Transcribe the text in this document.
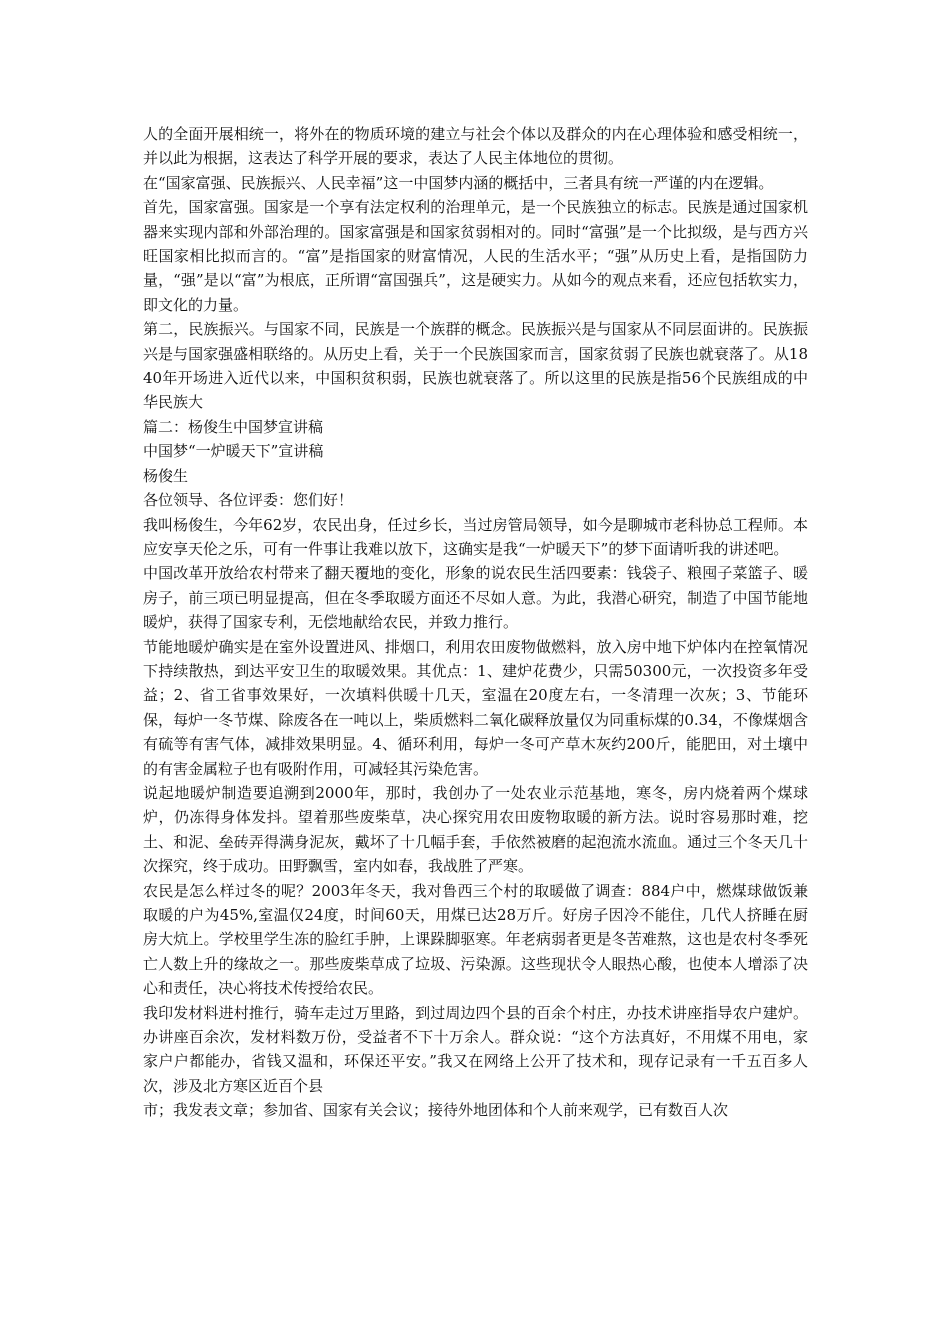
人的全面开展相统一，将外在的物质环境的建立与社会个体以及群众的内在心理体验和感受相统一，并以此为根据，这表达了科学开展的要求，表达了人民主体地位的贯彻。

在“国家富强、民族振兴、人民幸福”这一中国梦内涵的概括中，三者具有统一严谨的内在逻辑。

首先，国家富强。国家是一个享有法定权利的治理单元，是一个民族独立的标志。民族是通过国家机器来实现内部和外部治理的。国家富强是和国家贫弱相对的。同时“富强”是一个比拟级，是与西方兴旺国家相比拟而言的。“富”是指国家的财富情况，人民的生活水平；“强”从历史上看，是指国防力量，“强”是以“富”为根底，正所谓“富国强兵”，这是硬实力。从如今的观点来看，还应包括软实力，即文化的力量。

第二，民族振兴。与国家不同，民族是一个族群的概念。民族振兴是与国家从不同层面讲的。民族振兴是与国家强盛相联络的。从历史上看，关于一个民族国家而言，国家贫弱了民族也就衰落了。从1840年开场进入近代以来，中国积贫积弱，民族也就衰落了。所以这里的民族是指56个民族组成的中华民族大

篇二：杨俊生中国梦宣讲稿

中国梦“一炉暖天下”宣讲稿

杨俊生

各位领导、各位评委：您们好！

我叫杨俊生，今年62岁，农民出身，任过乡长，当过房管局领导，如今是聊城市老科协总工程师。本应安享天伦之乐，可有一件事让我难以放下，这确实是我“一炉暖天下”的梦下面请听我的讲述吧。

中国改革开放给农村带来了翻天覆地的变化，形象的说农民生活四要素：钱袋子、粮囤子菜篮子、暖房子，前三项已明显提高，但在冬季取暖方面还不尽如人意。为此，我潜心研究，制造了中国节能地暖炉，获得了国家专利，无偿地献给农民，并致力推行。

节能地暖炉确实是在室外设置进风、排烟口，利用农田废物做燃料，放入房中地下炉体内在控氧情况下持续散热，到达平安卫生的取暖效果。其优点：1、建炉花费少，只需50300元，一次投资多年受益；2、省工省事效果好，一次填料供暖十几天，室温在20度左右，一冬清理一次灰；3、节能环保，每炉一冬节煤、除废各在一吨以上，柴质燃料二氧化碳释放量仅为同重标煤的0.34，不像煤烟含有硫等有害气体，减排效果明显。4、循环利用，每炉一冬可产草木灰约200斤，能肥田，对土壤中的有害金属粒子也有吸附作用，可减轻其污染危害。

说起地暖炉制造要追溯到2000年，那时，我创办了一处农业示范基地，寒冬，房内烧着两个煤球炉，仍冻得身体发抖。望着那些废柴草，决心探究用农田废物取暖的新方法。说时容易那时难，挖土、和泥、垒砖弄得满身泥灰，戴坏了十几幅手套，手依然被磨的起泡流水流血。通过三个冬天几十次探究，终于成功。田野飘雪，室内如春，我战胜了严寒。

农民是怎么样过冬的呢？2003年冬天，我对鲁西三个村的取暖做了调查：884户中，燃煤球做饭兼取暖的户为45%,室温仅24度，时间60天，用煤已达28万斤。好房子因冷不能住，几代人挤睡在厨房大炕上。学校里学生冻的脸红手肿，上课跺脚驱寒。年老病弱者更是冬苦难熬，这也是农村冬季死亡人数上升的缘故之一。那些废柴草成了垃圾、污染源。这些现状令人眼热心酸，也使本人增添了决心和责任，决心将技术传授给农民。

我印发材料进村推行，骑车走过万里路，到过周边四个县的百余个村庄，办技术讲座指导农户建炉。办讲座百余次，发材料数万份，受益者不下十万余人。群众说：“这个方法真好，不用煤不用电，家家户户都能办，省钱又温和，环保还平安。”我又在网络上公开了技术和，现存记录有一千五百多人次，涉及北方寒区近百个县

市；我发表文章；参加省、国家有关会议；接待外地团体和个人前来观学，已有数百人次
